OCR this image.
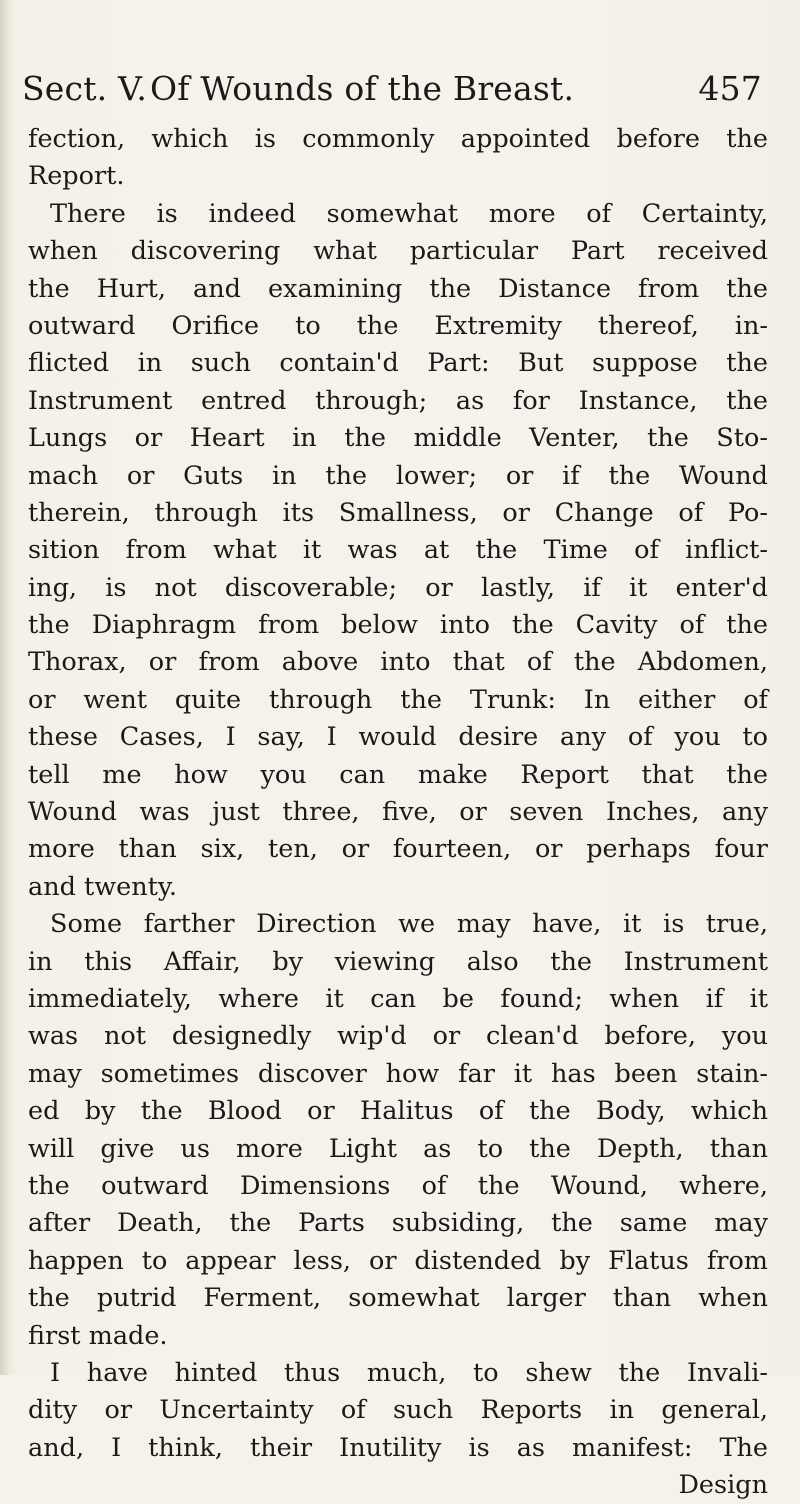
Sect. V. Of Wounds of the Breast.	457
fection, which is commonly appointed before the
Report.
There is indeed somewhat more of Certainty,
when discovering what particular Part received
the Hurt, and examining the Distance from the
outward Orifice to the Extremity thereof, in-
flicted in such contain'd Part: But suppose the
Instrument entred through; as for Instance, the
Lungs or Heart in the middle Venter, the Sto-
mach or Guts in the lower; or if the Wound
therein, through its Smallness, or Change of Po-
sition from what it was at the Time of inflict-
ing, is not discoverable; or lastly, if it enter'd
the Diaphragm from below into the Cavity of the
Thorax, or from above into that of the Abdomen,
or went quite through the Trunk: In either of
these Cases, I say, I would desire any of you to
tell me how you can make Report that the
Wound was just three, five, or seven Inches, any
more than six, ten, or fourteen, or perhaps four
and twenty.
Some farther Direction we may have, it is true,
in this Affair, by viewing also the Instrument
immediately, where it can be found; when if it
was not designedly wip'd or clean'd before, you
may sometimes discover how far it has been stain-
ed by the Blood or Halitus of the Body, which
will give us more Light as to the Depth, than
the outward Dimensions of the Wound, where,
after Death, the Parts subsiding, the same may
happen to appear less, or distended by Flatus from
the putrid Ferment, somewhat larger than when
first made.
I have hinted thus much, to shew the Invali-
dity or Uncertainty of such Reports in general,
and, I think, their Inutility is as manifest: The
Design
